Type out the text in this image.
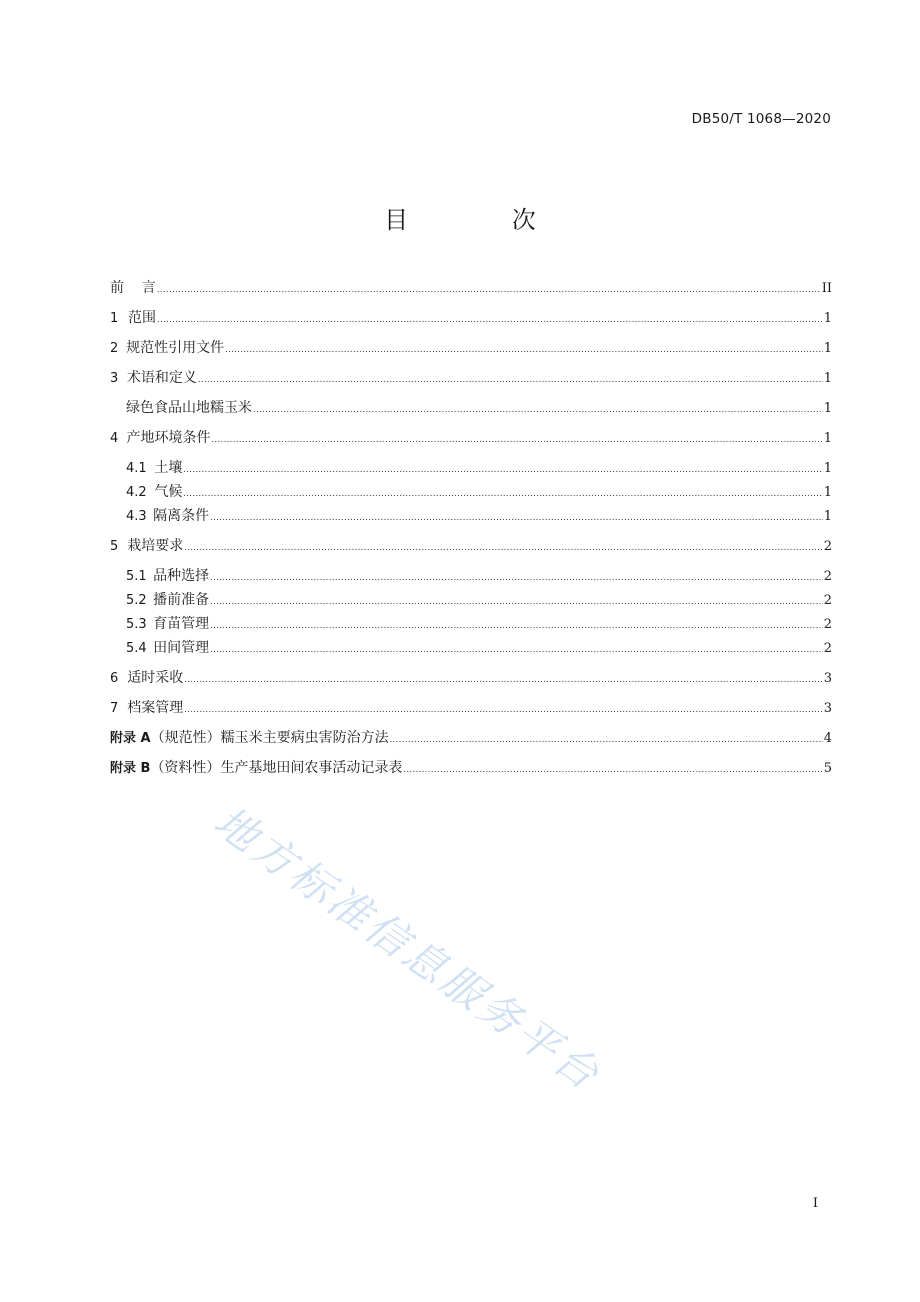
DB50/T 1068—2020
目 次
前    言 .....	II
1 范围 .....	1
2 规范性引用文件 .....	1
3 术语和定义 .....	1
绿色食品山地糯玉米 .....	1
4 产地环境条件 .....	1
4.1 土壤 .....	1
4.2 气候 .....	1
4.3 隔离条件 .....	1
5 栽培要求 .....	2
5.1 品种选择 .....	2
5.2 播前准备 .....	2
5.3 育苗管理 .....	2
5.4 田间管理 .....	2
6 适时采收 .....	3
7 档案管理 .....	3
附录 A （规范性） 糯玉米主要病虫害防治方法 .....	4
附录 B （资料性） 生产基地田间农事活动记录表 .....	5
地方标准信息服务平台
I
